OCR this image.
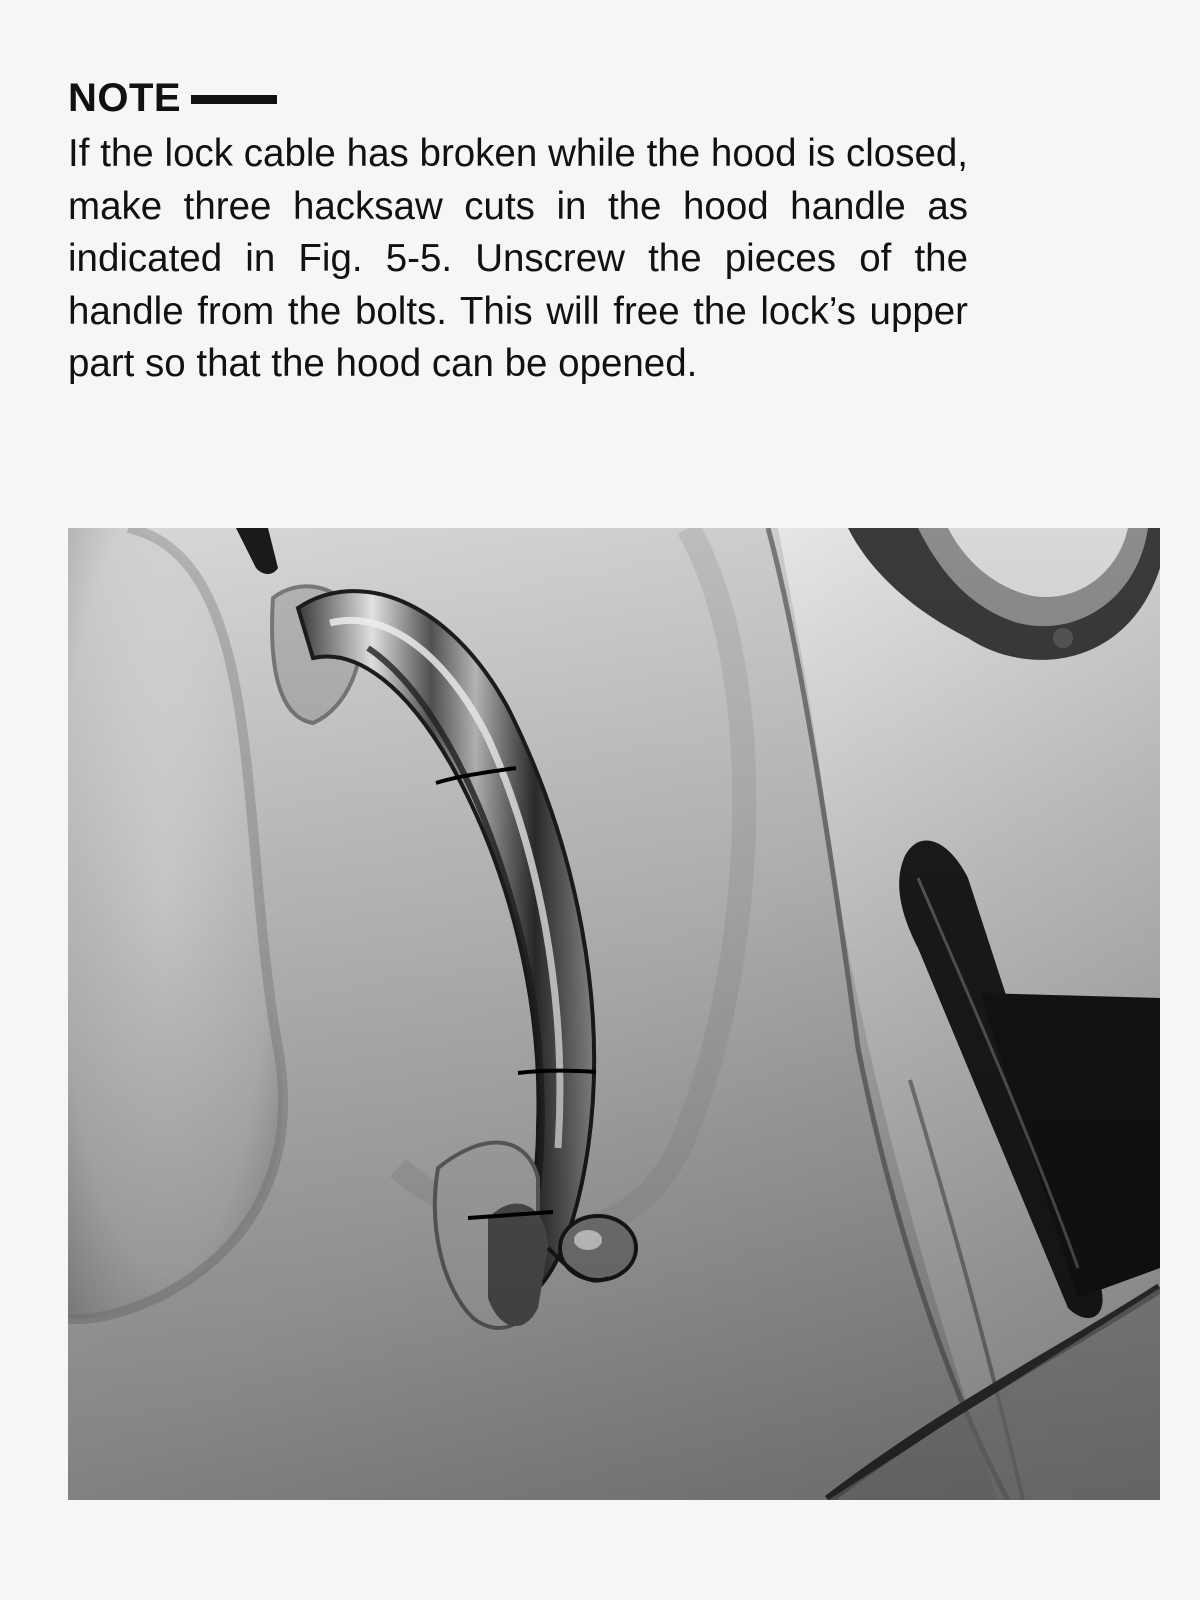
NOTE
If the lock cable has broken while the hood is closed, make three hacksaw cuts in the hood handle as indicated in Fig. 5-5. Unscrew the pieces of the handle from the bolts. This will free the lock’s upper part so that the hood can be opened.
